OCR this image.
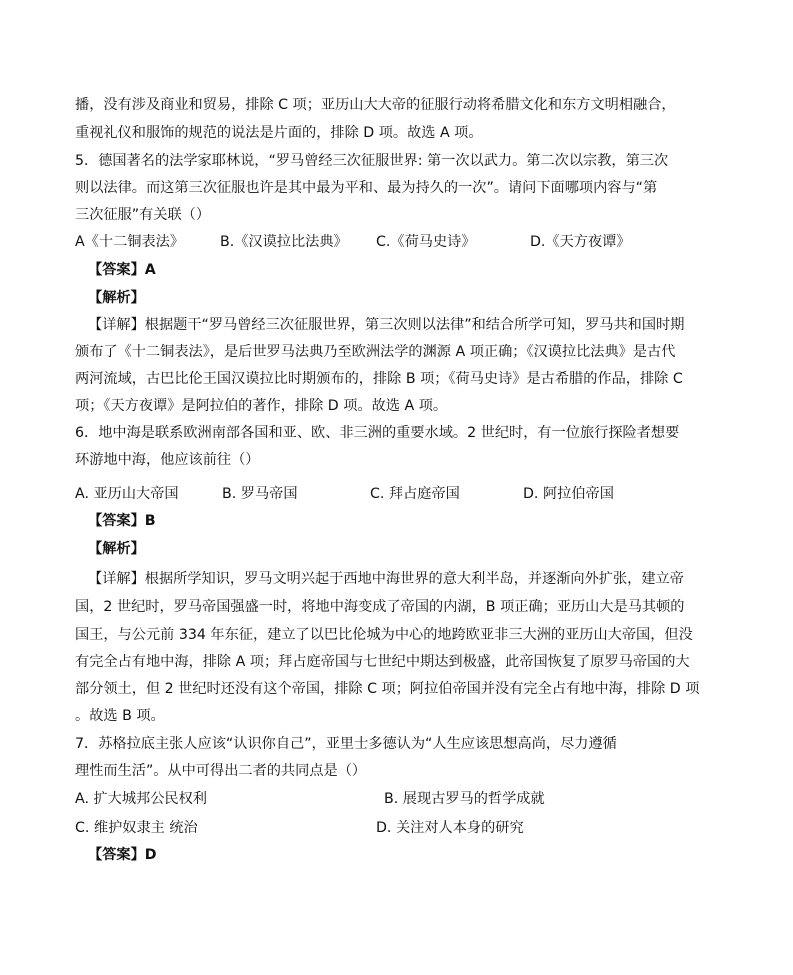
播，没有涉及商业和贸易，排除 C 项；亚历山大大帝的征服行动将希腊文化和东方文明相融合，
重视礼仪和服饰的规范的说法是片面的，排除 D 项。故选 A 项。
5．德国著名的法学家耶林说，“罗马曾经三次征服世界: 第一次以武力。第二次以宗教，第三次
则以法律。而这第三次征服也许是其中最为平和、最为持久的一次”。请问下面哪项内容与“第
三次征服”有关联（）
A《十二铜表法》	B.《汉谟拉比法典》 C.《荷马史诗》	D.《天方夜谭》
【答案】A
【解析】
【详解】根据题干“罗马曾经三次征服世界，第三次则以法律”和结合所学可知，罗马共和国时期
颁布了《十二铜表法》，是后世罗马法典乃至欧洲法学的渊源 A 项正确；《汉谟拉比法典》是古代
两河流域，古巴比伦王国汉谟拉比时期颁布的，排除 B 项；《荷马史诗》是古希腊的作品，排除 C
项；《天方夜谭》是阿拉伯的著作，排除 D 项。故选 A 项。
6．地中海是联系欧洲南部各国和亚、欧、非三洲的重要水域。2 世纪时，有一位旅行探险者想要
环游地中海，他应该前往（）
A. 亚历山大帝国	B. 罗马帝国	C. 拜占庭帝国	D. 阿拉伯帝国
【答案】B
【解析】
【详解】根据所学知识，罗马文明兴起于西地中海世界的意大利半岛，并逐渐向外扩张，建立帝
国，2 世纪时，罗马帝国强盛一时，将地中海变成了帝国的内湖，B 项正确；亚历山大是马其顿的
国王，与公元前 334 年东征，建立了以巴比伦城为中心的地跨欧亚非三大洲的亚历山大帝国，但没
有完全占有地中海，排除 A 项；拜占庭帝国与七世纪中期达到极盛，此帝国恢复了原罗马帝国的大
部分领土，但 2 世纪时还没有这个帝国，排除 C 项；阿拉伯帝国并没有完全占有地中海，排除 D 项
。故选 B 项。
7．苏格拉底主张人应该“认识你自己”，亚里士多德认为“人生应该思想高尚，尽力遵循
理性而生活”。从中可得出二者的共同点是（）
A. 扩大城邦公民权利	B. 展现古罗马的哲学成就
C. 维护奴隶主 统治	D. 关注对人本身的研究
【答案】D
